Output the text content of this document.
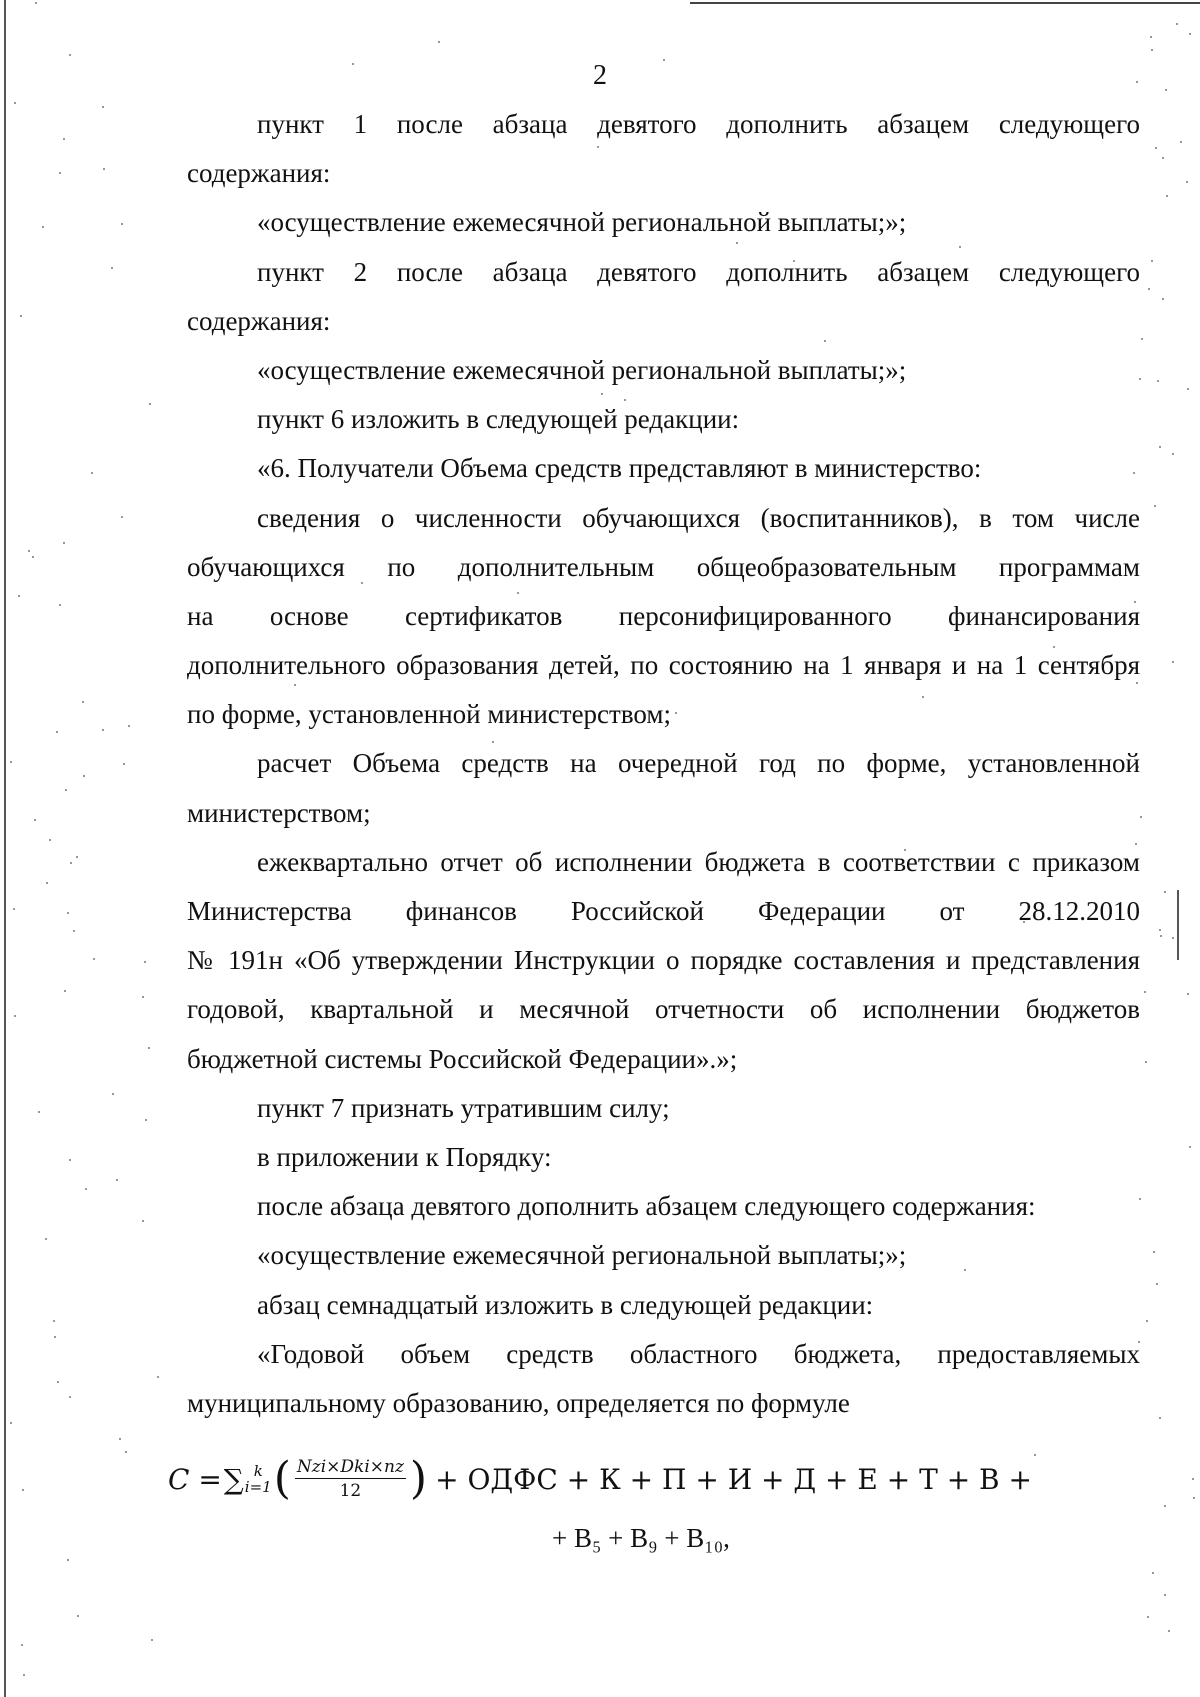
2
пункт 1 после абзаца девятого дополнить абзацем следующего
содержания:
«осуществление ежемесячной региональной выплаты;»;
пункт 2 после абзаца девятого дополнить абзацем следующего
содержания:
«осуществление ежемесячной региональной выплаты;»;
пункт 6 изложить в следующей редакции:
«6. Получатели Объема средств представляют в министерство:
сведения о численности обучающихся (воспитанников), в том числе
обучающихся по дополнительным общеобразовательным программам
на основе сертификатов персонифицированного финансирования
дополнительного образования детей, по состоянию на 1 января и на 1 сентября
по форме, установленной министерством;
расчет Объема средств на очередной год по форме, установленной
министерством;
ежеквартально отчет об исполнении бюджета в соответствии с приказом
Министерства финансов Российской Федерации от 28.12.2010
№ 191н «Об утверждении Инструкции о порядке составления и представления
годовой, квартальной и месячной отчетности об исполнении бюджетов
бюджетной системы Российской Федерации».»;
пункт 7 признать утратившим силу;
в приложении к Порядку:
после абзаца девятого дополнить абзацем следующего содержания:
«осуществление ежемесячной региональной выплаты;»;
абзац семнадцатый изложить в следующей редакции:
«Годовой объем средств областного бюджета, предоставляемых
муниципальному образованию, определяется по формуле
C = ∑ k
i=1 ( $\frac{\text{Nzi×Dki×nz}}{12}$ ) + ОДФС + К + П + И + Д + Е + Т + В +
+ В₅ + В₉ + В₁₀,
